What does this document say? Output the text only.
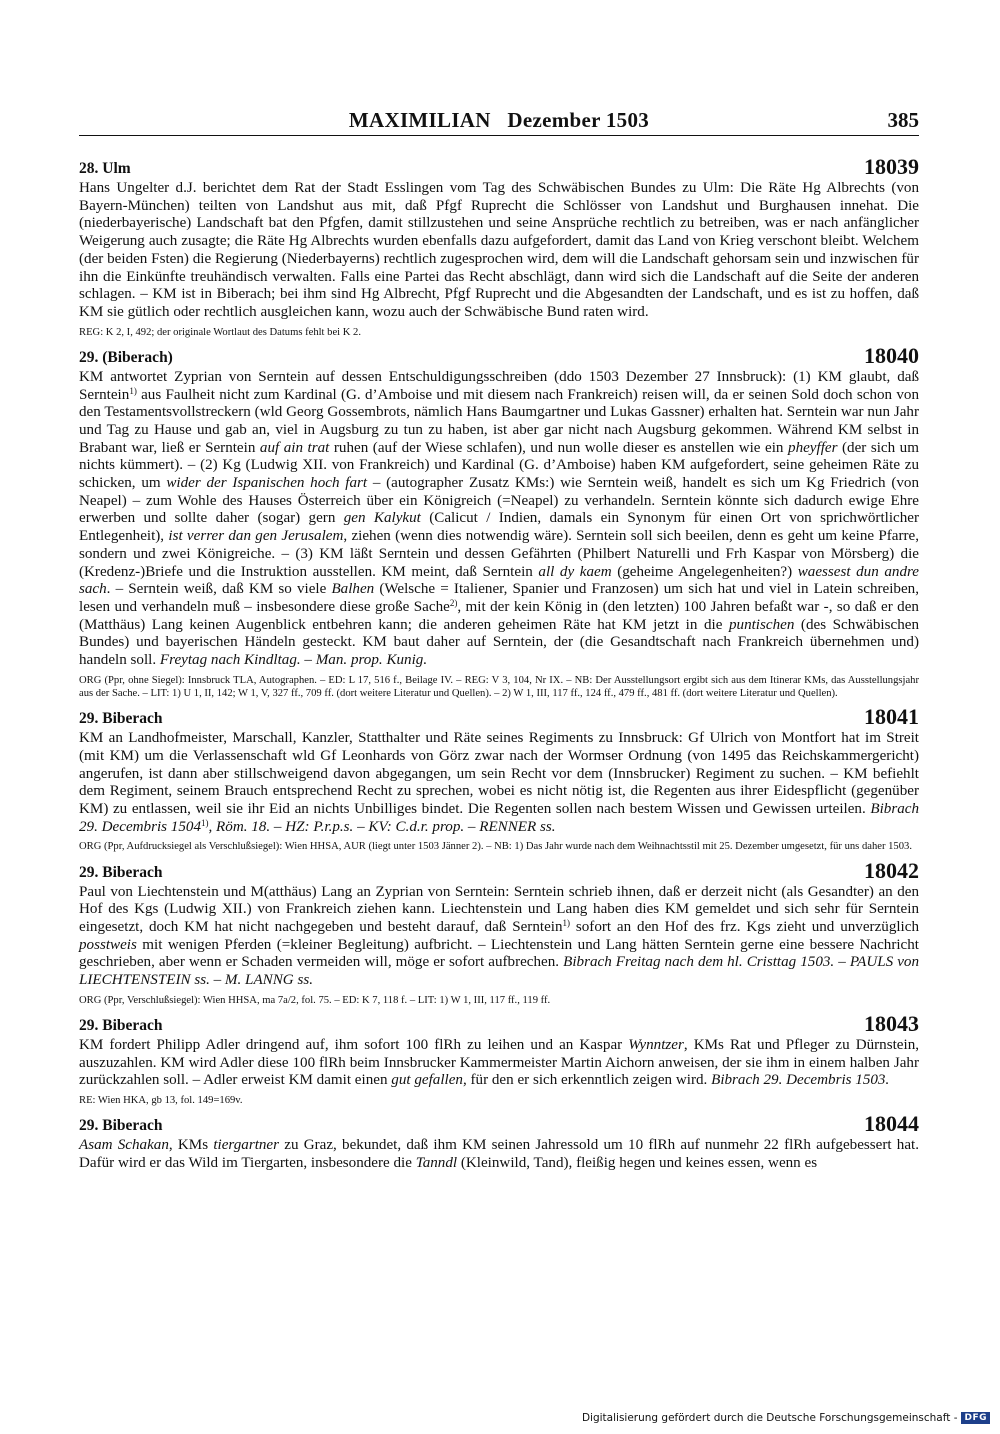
MAXIMILIAN   Dezember 1503	385
28. Ulm	18039
Hans Ungelter d.J. berichtet dem Rat der Stadt Esslingen vom Tag des Schwäbischen Bundes zu Ulm: Die Räte Hg Albrechts (von Bayern-München) teilten von Landshut aus mit, daß Pfgf Ruprecht die Schlösser von Landshut und Burghausen innehat. Die (niederbayerische) Landschaft bat den Pfgfen, damit stillzustehen und seine Ansprüche rechtlich zu betreiben, was er nach anfänglicher Weigerung auch zusagte; die Räte Hg Albrechts wurden ebenfalls dazu aufgefordert, damit das Land von Krieg verschont bleibt. Welchem (der beiden Fsten) die Regierung (Niederbayerns) rechtlich zugesprochen wird, dem will die Landschaft gehorsam sein und inzwischen für ihn die Einkünfte treuhändisch verwalten. Falls eine Partei das Recht abschlägt, dann wird sich die Landschaft auf die Seite der anderen schlagen. – KM ist in Biberach; bei ihm sind Hg Albrecht, Pfgf Ruprecht und die Abgesandten der Landschaft, und es ist zu hoffen, daß KM sie gütlich oder rechtlich ausgleichen kann, wozu auch der Schwäbische Bund raten wird.
REG: K 2, I, 492; der originale Wortlaut des Datums fehlt bei K 2.
29. (Biberach)	18040
KM antwortet Zyprian von Serntein auf dessen Entschuldigungsschreiben (ddo 1503 Dezember 27 Innsbruck): (1) KM glaubt, daß Serntein$^{1)}$ aus Faulheit nicht zum Kardinal (G. d’Amboise und mit diesem nach Frankreich) reisen will, da er seinen Sold doch schon von den Testamentsvollstreckern (wld Georg Gossembrots, nämlich Hans Baumgartner und Lukas Gassner) erhalten hat. Serntein war nun Jahr und Tag zu Hause und gab an, viel in Augsburg zu tun zu haben, ist aber gar nicht nach Augsburg gekommen. Während KM selbst in Brabant war, ließ er Serntein auf ain trat ruhen (auf der Wiese schlafen), und nun wolle dieser es anstellen wie ein pheyffer (der sich um nichts kümmert). – (2) Kg (Ludwig XII. von Frankreich) und Kardinal (G. d’Amboise) haben KM aufgefordert, seine geheimen Räte zu schicken, um wider der Ispanischen hoch fart – (autographer Zusatz KMs:) wie Serntein weiß, handelt es sich um Kg Friedrich (von Neapel) – zum Wohle des Hauses Österreich über ein Königreich (=Neapel) zu verhandeln. Serntein könnte sich dadurch ewige Ehre erwerben und sollte daher (sogar) gern gen Kalykut (Calicut / Indien, damals ein Synonym für einen Ort von sprichwörtlicher Entlegenheit), ist verrer dan gen Jerusalem, ziehen (wenn dies notwendig wäre). Serntein soll sich beeilen, denn es geht um keine Pfarre, sondern und zwei Königreiche. – (3) KM läßt Serntein und dessen Gefährten (Philbert Naturelli und Frh Kaspar von Mörsberg) die (Kredenz-)Briefe und die Instruktion ausstellen. KM meint, daß Serntein all dy kaem (geheime Angelegenheiten?) waessest dun andre sach. – Serntein weiß, daß KM so viele Balhen (Welsche = Italiener, Spanier und Franzosen) um sich hat und viel in Latein schreiben, lesen und verhandeln muß – insbesondere diese große Sache$^{2)}$, mit der kein König in (den letzten) 100 Jahren befaßt war -, so daß er den (Matthäus) Lang keinen Augenblick entbehren kann; die anderen geheimen Räte hat KM jetzt in die puntischen (des Schwäbischen Bundes) und bayerischen Händeln gesteckt. KM baut daher auf Serntein, der (die Gesandtschaft nach Frankreich übernehmen und) handeln soll. Freytag nach Kindltag. – Man. prop. Kunig.
ORG (Ppr, ohne Siegel): Innsbruck TLA, Autographen. – ED: L 17, 516 f., Beilage IV. – REG: V 3, 104, Nr IX. – NB: Der Ausstellungsort ergibt sich aus dem Itinerar KMs, das Ausstellungsjahr aus der Sache. – LIT: 1) U 1, II, 142; W 1, V, 327 ff., 709 ff. (dort weitere Literatur und Quellen). – 2) W 1, III, 117 ff., 124 ff., 479 ff., 481 ff. (dort weitere Literatur und Quellen).
29. Biberach	18041
KM an Landhofmeister, Marschall, Kanzler, Statthalter und Räte seines Regiments zu Innsbruck: Gf Ulrich von Montfort hat im Streit (mit KM) um die Verlassenschaft wld Gf Leonhards von Görz zwar nach der Wormser Ordnung (von 1495 das Reichskammergericht) angerufen, ist dann aber stillschweigend davon abgegangen, um sein Recht vor dem (Innsbrucker) Regiment zu suchen. – KM befiehlt dem Regiment, seinem Brauch entsprechend Recht zu sprechen, wobei es nicht nötig ist, die Regenten aus ihrer Eidespflicht (gegenüber KM) zu entlassen, weil sie ihr Eid an nichts Unbilliges bindet. Die Regenten sollen nach bestem Wissen und Gewissen urteilen. Bibrach 29. Decembris 1504$^{1)}$, Röm. 18. – HZ: P.r.p.s. – KV: C.d.r. prop. – RENNER ss.
ORG (Ppr, Aufdrucksiegel als Verschlußsiegel): Wien HHSA, AUR (liegt unter 1503 Jänner 2). – NB: 1) Das Jahr wurde nach dem Weihnachtsstil mit 25. Dezember umgesetzt, für uns daher 1503.
29. Biberach	18042
Paul von Liechtenstein und M(atthäus) Lang an Zyprian von Serntein: Serntein schrieb ihnen, daß er derzeit nicht (als Gesandter) an den Hof des Kgs (Ludwig XII.) von Frankreich ziehen kann. Liechtenstein und Lang haben dies KM gemeldet und sich sehr für Serntein eingesetzt, doch KM hat nicht nachgegeben und besteht darauf, daß Serntein$^{1)}$ sofort an den Hof des frz. Kgs zieht und unverzüglich posstweis mit wenigen Pferden (=kleiner Begleitung) aufbricht. – Liechtenstein und Lang hätten Serntein gerne eine bessere Nachricht geschrieben, aber wenn er Schaden vermeiden will, möge er sofort aufbrechen. Bibrach Freitag nach dem hl. Cristtag 1503. – PAULS von LIECHTENSTEIN ss. – M. LANNG ss.
ORG (Ppr, Verschlußsiegel): Wien HHSA, ma 7a/2, fol. 75. – ED: K 7, 118 f. – LIT: 1) W 1, III, 117 ff., 119 ff.
29. Biberach	18043
KM fordert Philipp Adler dringend auf, ihm sofort 100 flRh zu leihen und an Kaspar Wynntzer, KMs Rat und Pfleger zu Dürnstein, auszuzahlen. KM wird Adler diese 100 flRh beim Innsbrucker Kammermeister Martin Aichorn anweisen, der sie ihm in einem halben Jahr zurückzahlen soll. – Adler erweist KM damit einen gut gefallen, für den er sich erkenntlich zeigen wird. Bibrach 29. Decembris 1503.
RE: Wien HKA, gb 13, fol. 149=169v.
29. Biberach	18044
Asam Schakan, KMs tiergartner zu Graz, bekundet, daß ihm KM seinen Jahressold um 10 flRh auf nunmehr 22 flRh aufgebessert hat. Dafür wird er das Wild im Tiergarten, insbesondere die Tanndl (Kleinwild, Tand), fleißig hegen und keines essen, wenn es
Digitalisierung gefördert durch die Deutsche Forschungsgemeinschaft - DFG
